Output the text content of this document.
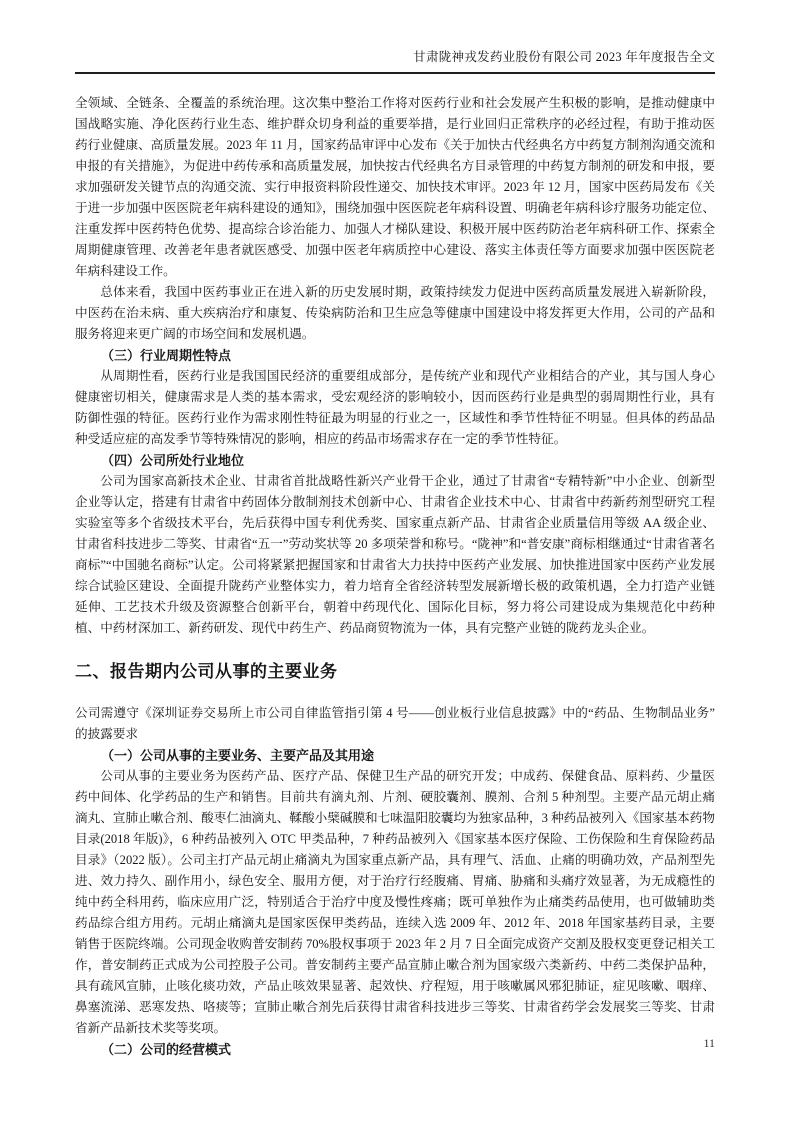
甘肃陇神戎发药业股份有限公司 2023 年年度报告全文

全领域、全链条、全覆盖的系统治理。这次集中整治工作将对医药行业和社会发展产生积极的影响，是推动健康中国战略实施、净化医药行业生态、维护群众切身利益的重要举措，是行业回归正常秩序的必经过程，有助于推动医药行业健康、高质量发展。2023 年 11 月，国家药品审评中心发布《关于加快古代经典名方中药复方制剂沟通交流和申报的有关措施》，为促进中药传承和高质量发展，加快按古代经典名方目录管理的中药复方制剂的研发和申报，要求加强研发关键节点的沟通交流、实行申报资料阶段性递交、加快技术审评。2023 年 12 月，国家中医药局发布《关于进一步加强中医医院老年病科建设的通知》，围绕加强中医医院老年病科设置、明确老年病科诊疗服务功能定位、注重发挥中医药特色优势、提高综合诊治能力、加强人才梯队建设、积极开展中医药防治老年病科研工作、探索全周期健康管理、改善老年患者就医感受、加强中医老年病质控中心建设、落实主体责任等方面要求加强中医医院老年病科建设工作。

总体来看，我国中医药事业正在进入新的历史发展时期，政策持续发力促进中医药高质量发展进入崭新阶段，中医药在治未病、重大疾病治疗和康复、传染病防治和卫生应急等健康中国建设中将发挥更大作用，公司的产品和服务将迎来更广阔的市场空间和发展机遇。

（三）行业周期性特点

从周期性看，医药行业是我国国民经济的重要组成部分，是传统产业和现代产业相结合的产业，其与国人身心健康密切相关，健康需求是人类的基本需求，受宏观经济的影响较小，因而医药行业是典型的弱周期性行业，具有防御性强的特征。医药行业作为需求刚性特征最为明显的行业之一，区域性和季节性特征不明显。但具体的药品品种受适应症的高发季节等特殊情况的影响，相应的药品市场需求存在一定的季节性特征。

（四）公司所处行业地位

公司为国家高新技术企业、甘肃省首批战略性新兴产业骨干企业，通过了甘肃省“专精特新”中小企业、创新型企业等认定，搭建有甘肃省中药固体分散制剂技术创新中心、甘肃省企业技术中心、甘肃省中药新药剂型研究工程实验室等多个省级技术平台，先后获得中国专利优秀奖、国家重点新产品、甘肃省企业质量信用等级 AA 级企业、甘肃省科技进步二等奖、甘肃省“五一”劳动奖状等 20 多项荣誉和称号。“陇神”和“普安康”商标相继通过“甘肃省著名商标”“中国驰名商标”认定。公司将紧紧把握国家和甘肃省大力扶持中医药产业发展、加快推进国家中医药产业发展综合试验区建设、全面提升陇药产业整体实力，着力培育全省经济转型发展新增长极的政策机遇，全力打造产业链延伸、工艺技术升级及资源整合创新平台，朝着中药现代化、国际化目标，努力将公司建设成为集规范化中药种植、中药材深加工、新药研发、现代中药生产、药品商贸物流为一体，具有完整产业链的陇药龙头企业。

二、报告期内公司从事的主要业务

公司需遵守《深圳证券交易所上市公司自律监管指引第 4 号——创业板行业信息披露》中的“药品、生物制品业务”的披露要求

（一）公司从事的主要业务、主要产品及其用途

公司从事的主要业务为医药产品、医疗产品、保健卫生产品的研究开发；中成药、保健食品、原料药、少量医药中间体、化学药品的生产和销售。目前共有滴丸剂、片剂、硬胶囊剂、膜剂、合剂 5 种剂型。主要产品元胡止痛滴丸、宣肺止嗽合剂、酸枣仁油滴丸、鞣酸小檗碱膜和七味温阳胶囊均为独家品种，3 种药品被列入《国家基本药物目录(2018 年版)》，6 种药品被列入 OTC 甲类品种，7 种药品被列入《国家基本医疗保险、工伤保险和生育保险药品目录》（2022 版）。公司主打产品元胡止痛滴丸为国家重点新产品，具有理气、活血、止痛的明确功效，产品剂型先进、效力持久、副作用小，绿色安全、服用方便，对于治疗行经腹痛、胃痛、胁痛和头痛疗效显著，为无成瘾性的纯中药全科用药，临床应用广泛，特别适合于治疗中度及慢性疼痛；既可单独作为止痛类药品使用，也可做辅助类药品综合组方用药。元胡止痛滴丸是国家医保甲类药品，连续入选 2009 年、2012 年、2018 年国家基药目录，主要销售于医院终端。公司现金收购普安制药 70%股权事项于 2023 年 2 月 7 日全面完成资产交割及股权变更登记相关工作，普安制药正式成为公司控股子公司。普安制药主要产品宣肺止嗽合剂为国家级六类新药、中药二类保护品种，具有疏风宣肺，止咳化痰功效，产品止咳效果显著、起效快、疗程短，用于咳嗽属风邪犯肺证，症见咳嗽、咽痒、鼻塞流涕、恶寒发热、咯痰等；宣肺止嗽合剂先后获得甘肃省科技进步三等奖、甘肃省药学会发展奖三等奖、甘肃省新产品新技术奖等奖项。

（二）公司的经营模式	11
